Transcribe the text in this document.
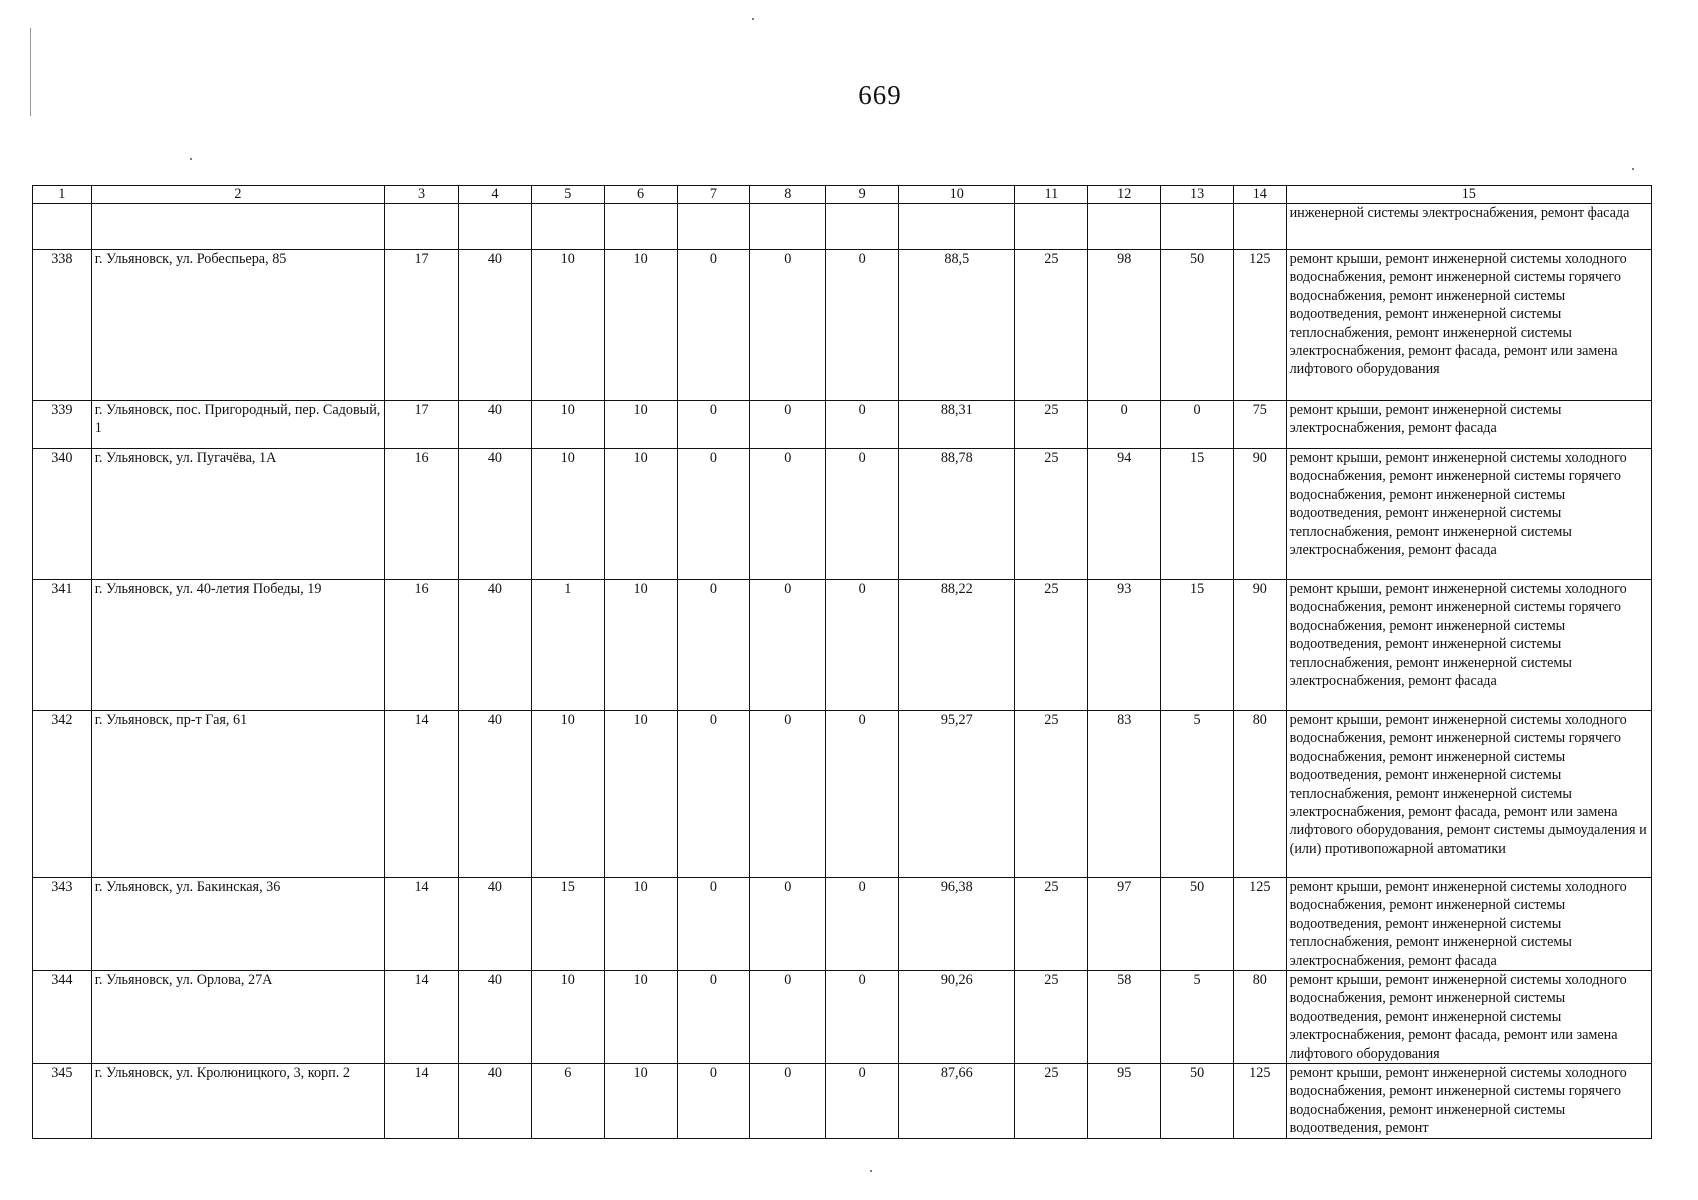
669
1	2	3	4	5	6	7	8	9	10	11	12	13	14	15
														инженерной системы электроснабжения, ремонт фасада
338	г. Ульяновск, ул. Робеспьера, 85	17	40	10	10	0	0	0	88,5	25	98	50	125	ремонт крыши, ремонт инженерной системы холодного водоснабжения, ремонт инженерной системы горячего водоснабжения, ремонт инженерной системы водоотведения, ремонт инженерной системы теплоснабжения, ремонт инженерной системы электроснабжения, ремонт фасада, ремонт или замена лифтового оборудования
339	г. Ульяновск, пос. Пригородный, пер. Садовый, 1	17	40	10	10	0	0	0	88,31	25	0	0	75	ремонт крыши, ремонт инженерной системы электроснабжения, ремонт фасада
340	г. Ульяновск, ул. Пугачёва, 1А	16	40	10	10	0	0	0	88,78	25	94	15	90	ремонт крыши, ремонт инженерной системы холодного водоснабжения, ремонт инженерной системы горячего водоснабжения, ремонт инженерной системы водоотведения, ремонт инженерной системы теплоснабжения, ремонт инженерной системы электроснабжения, ремонт фасада
341	г. Ульяновск, ул. 40-летия Победы, 19	16	40	1	10	0	0	0	88,22	25	93	15	90	ремонт крыши, ремонт инженерной системы холодного водоснабжения, ремонт инженерной системы горячего водоснабжения, ремонт инженерной системы водоотведения, ремонт инженерной системы теплоснабжения, ремонт инженерной системы электроснабжения, ремонт фасада
342	г. Ульяновск, пр-т Гая, 61	14	40	10	10	0	0	0	95,27	25	83	5	80	ремонт крыши, ремонт инженерной системы холодного водоснабжения, ремонт инженерной системы горячего водоснабжения, ремонт инженерной системы водоотведения, ремонт инженерной системы теплоснабжения, ремонт инженерной системы электроснабжения, ремонт фасада, ремонт или замена лифтового оборудования, ремонт системы дымоудаления и (или) противопожарной автоматики
343	г. Ульяновск, ул. Бакинская, 36	14	40	15	10	0	0	0	96,38	25	97	50	125	ремонт крыши, ремонт инженерной системы холодного водоснабжения, ремонт инженерной системы водоотведения, ремонт инженерной системы теплоснабжения, ремонт инженерной системы электроснабжения, ремонт фасада
344	г. Ульяновск, ул. Орлова, 27А	14	40	10	10	0	0	0	90,26	25	58	5	80	ремонт крыши, ремонт инженерной системы холодного водоснабжения, ремонт инженерной системы водоотведения, ремонт инженерной системы электроснабжения, ремонт фасада, ремонт или замена лифтового оборудования
345	г. Ульяновск, ул. Кролюницкого, 3, корп. 2	14	40	6	10	0	0	0	87,66	25	95	50	125	ремонт крыши, ремонт инженерной системы холодного водоснабжения, ремонт инженерной системы горячего водоснабжения, ремонт инженерной системы водоотведения, ремонт
